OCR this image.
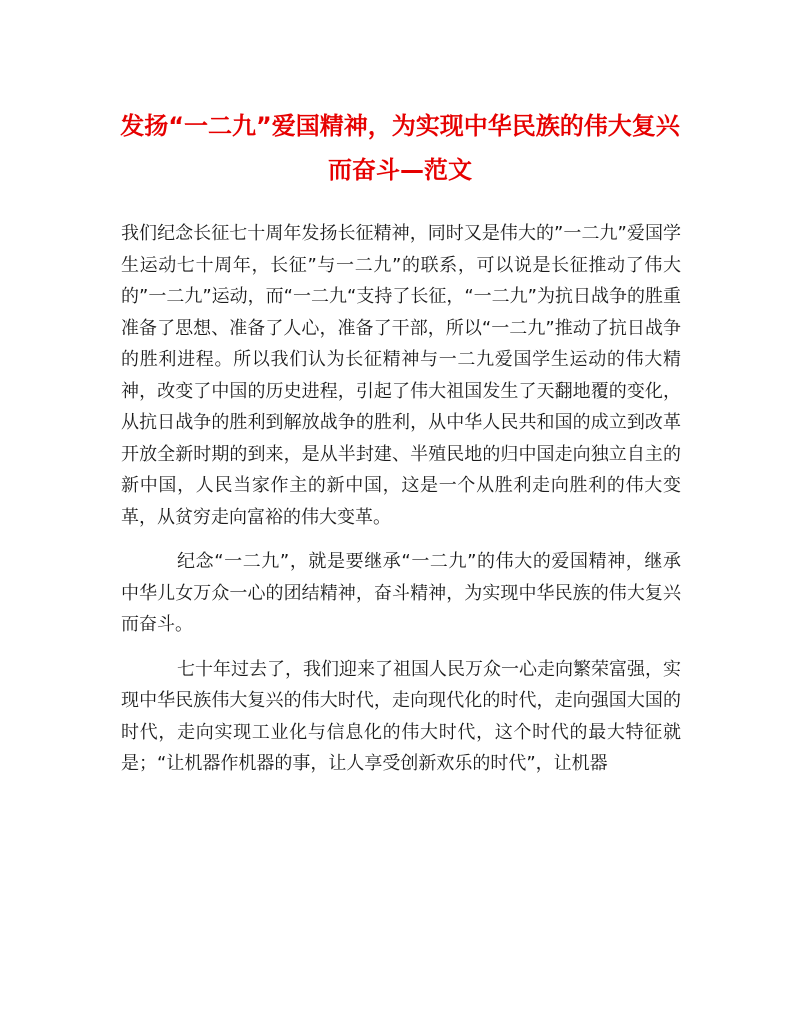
发扬“一二九”爱国精神，为实现中华民族的伟大复兴而奋斗—范文

我们纪念长征七十周年发扬长征精神，同时又是伟大的”一二九”爱国学生运动七十周年，长征”与一二九”的联系，可以说是长征推动了伟大的”一二九”运动，而“一二九“支持了长征，“一二九”为抗日战争的胜重准备了思想、准备了人心，准备了干部，所以“一二九”推动了抗日战争的胜利进程。所以我们认为长征精神与一二九爱国学生运动的伟大精神，改变了中国的历史进程，引起了伟大祖国发生了天翻地覆的变化，从抗日战争的胜利到解放战争的胜利，从中华人民共和国的成立到改革开放全新时期的到来，是从半封建、半殖民地的归中国走向独立自主的新中国，人民当家作主的新中国，这是一个从胜利走向胜利的伟大变革，从贫穷走向富裕的伟大变革。

纪念“一二九”，就是要继承“一二九”的伟大的爱国精神，继承中华儿女万众一心的团结精神，奋斗精神，为实现中华民族的伟大复兴而奋斗。

七十年过去了，我们迎来了祖国人民万众一心走向繁荣富强，实现中华民族伟大复兴的伟大时代，走向现代化的时代，走向强国大国的时代，走向实现工业化与信息化的伟大时代，这个时代的最大特征就是；“让机器作机器的事，让人享受创新欢乐的时代”，让机器
